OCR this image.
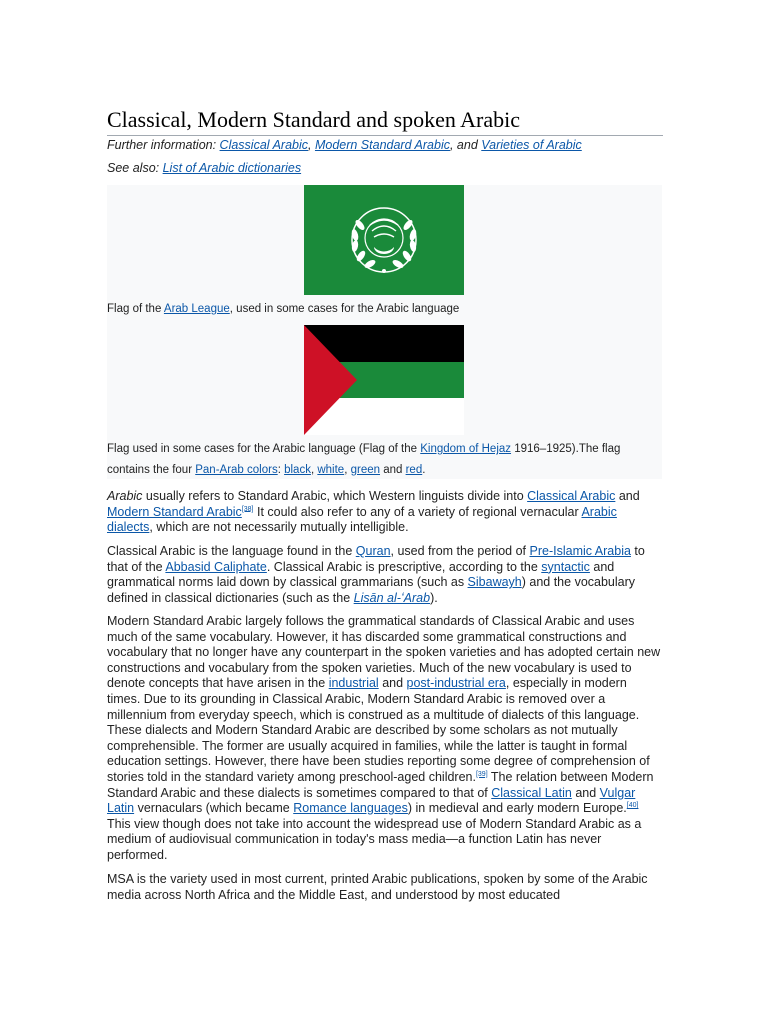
Classical, Modern Standard and spoken Arabic
Further information: Classical Arabic, Modern Standard Arabic, and Varieties of Arabic
See also: List of Arabic dictionaries
Flag of the Arab League, used in some cases for the Arabic language
Flag used in some cases for the Arabic language (Flag of the Kingdom of Hejaz 1916–1925).The flag contains the four Pan-Arab colors: black, white, green and red.

Arabic usually refers to Standard Arabic, which Western linguists divide into Classical Arabic and Modern Standard Arabic[38] It could also refer to any of a variety of regional vernacular Arabic dialects, which are not necessarily mutually intelligible.

Classical Arabic is the language found in the Quran, used from the period of Pre-Islamic Arabia to that of the Abbasid Caliphate. Classical Arabic is prescriptive, according to the syntactic and grammatical norms laid down by classical grammarians (such as Sibawayh) and the vocabulary defined in classical dictionaries (such as the Lisān al-ʻArab).

Modern Standard Arabic largely follows the grammatical standards of Classical Arabic and uses much of the same vocabulary. However, it has discarded some grammatical constructions and vocabulary that no longer have any counterpart in the spoken varieties and has adopted certain new constructions and vocabulary from the spoken varieties. Much of the new vocabulary is used to denote concepts that have arisen in the industrial and post-industrial era, especially in modern times. Due to its grounding in Classical Arabic, Modern Standard Arabic is removed over a millennium from everyday speech, which is construed as a multitude of dialects of this language. These dialects and Modern Standard Arabic are described by some scholars as not mutually comprehensible. The former are usually acquired in families, while the latter is taught in formal education settings. However, there have been studies reporting some degree of comprehension of stories told in the standard variety among preschool-aged children.[39] The relation between Modern Standard Arabic and these dialects is sometimes compared to that of Classical Latin and Vulgar Latin vernaculars (which became Romance languages) in medieval and early modern Europe.[40] This view though does not take into account the widespread use of Modern Standard Arabic as a medium of audiovisual communication in today's mass media—a function Latin has never performed.

MSA is the variety used in most current, printed Arabic publications, spoken by some of the Arabic media across North Africa and the Middle East, and understood by most educated
